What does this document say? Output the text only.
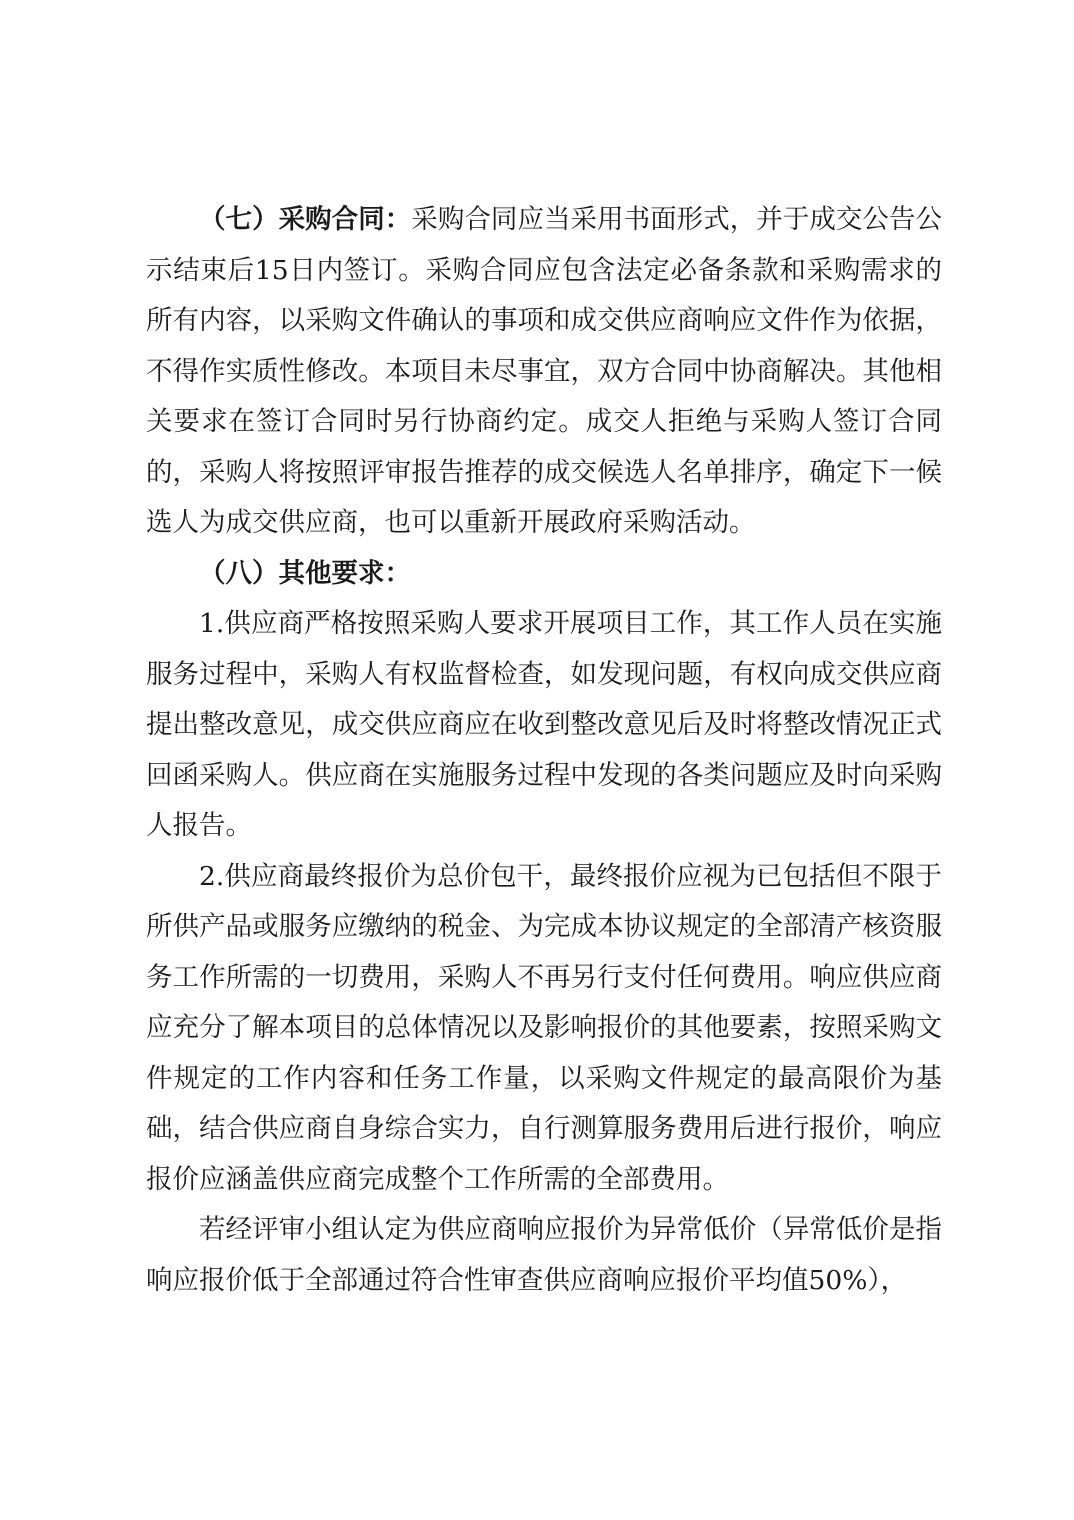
（七）采购合同：采购合同应当采用书面形式，并于成交公告公示结束后15日内签订。采购合同应包含法定必备条款和采购需求的所有内容，以采购文件确认的事项和成交供应商响应文件作为依据，不得作实质性修改。本项目未尽事宜，双方合同中协商解决。其他相关要求在签订合同时另行协商约定。成交人拒绝与采购人签订合同的，采购人将按照评审报告推荐的成交候选人名单排序，确定下一候选人为成交供应商，也可以重新开展政府采购活动。

（八）其他要求：

1.供应商严格按照采购人要求开展项目工作，其工作人员在实施服务过程中，采购人有权监督检查，如发现问题，有权向成交供应商提出整改意见，成交供应商应在收到整改意见后及时将整改情况正式回函采购人。供应商在实施服务过程中发现的各类问题应及时向采购人报告。

2.供应商最终报价为总价包干，最终报价应视为已包括但不限于所供产品或服务应缴纳的税金、为完成本协议规定的全部清产核资服务工作所需的一切费用，采购人不再另行支付任何费用。响应供应商应充分了解本项目的总体情况以及影响报价的其他要素，按照采购文件规定的工作内容和任务工作量，以采购文件规定的最高限价为基础，结合供应商自身综合实力，自行测算服务费用后进行报价，响应报价应涵盖供应商完成整个工作所需的全部费用。

若经评审小组认定为供应商响应报价为异常低价（异常低价是指响应报价低于全部通过符合性审查供应商响应报价平均值50%），
